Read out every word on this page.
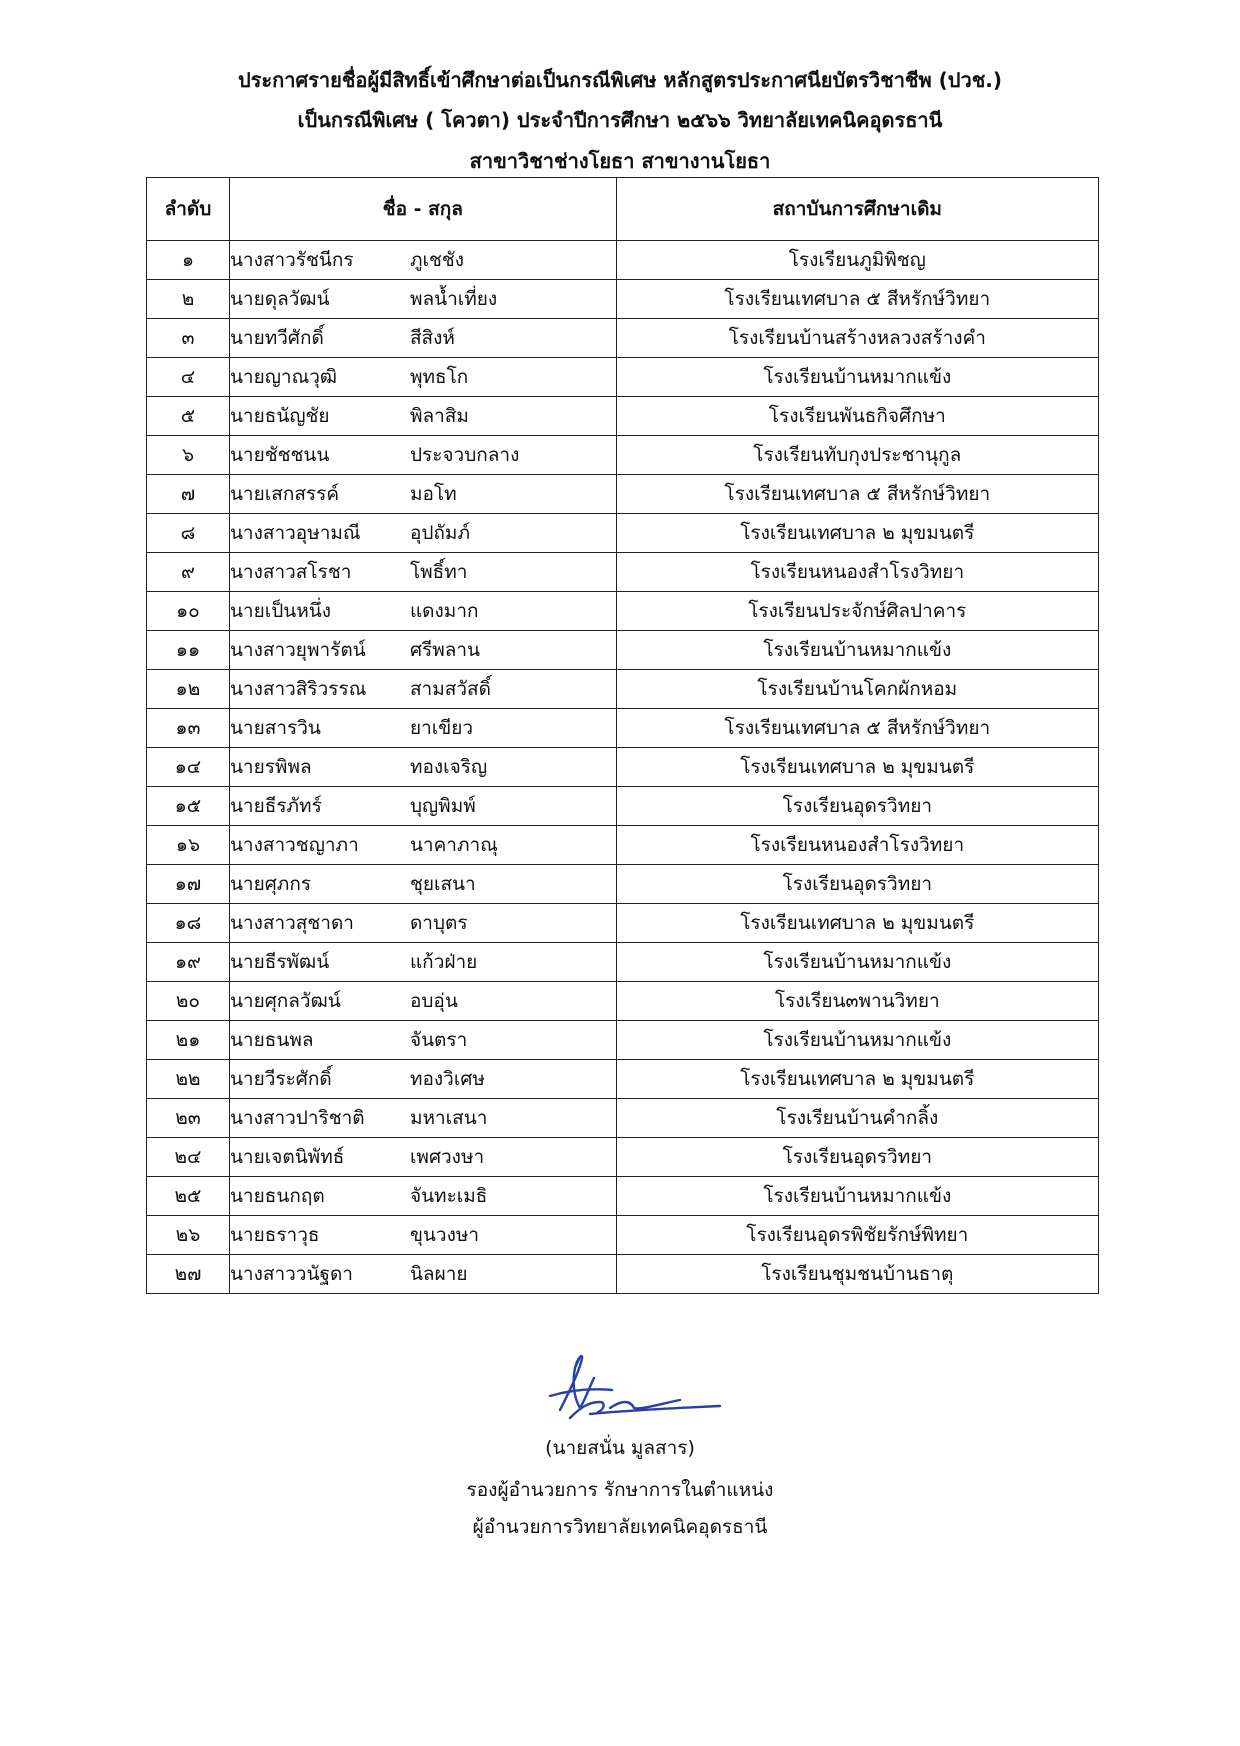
ประกาศรายชื่อผู้มีสิทธิ์เข้าศึกษาต่อเป็นกรณีพิเศษ หลักสูตรประกาศนียบัตรวิชาชีพ (ปวช.)
เป็นกรณีพิเศษ ( โควตา) ประจำปีการศึกษา ๒๕๖๖ วิทยาลัยเทคนิคอุดรธานี
สาขาวิชาช่างโยธา สาขางานโยธา
ลำดับ	ชื่อ - สกุล	สถาบันการศึกษาเดิม
๑	นางสาวรัชนีกร ภูเชชัง	โรงเรียนภูมิพิชญ
๒	นายดุลวัฒน์ พลน้ำเที่ยง	โรงเรียนเทศบาล ๕ สีหรักษ์วิทยา
๓	นายทวีศักดิ์ สีสิงห์	โรงเรียนบ้านสร้างหลวงสร้างคำ
๔	นายญาณวุฒิ พุทธโก	โรงเรียนบ้านหมากแข้ง
๕	นายธนัญชัย พิลาสิม	โรงเรียนพันธกิจศึกษา
๖	นายชัชชนน ประจวบกลาง	โรงเรียนทับกุงประชานุกูล
๗	นายเสกสรรค์ มอโท	โรงเรียนเทศบาล ๕ สีหรักษ์วิทยา
๘	นางสาวอุษามณี อุปถัมภ์	โรงเรียนเทศบาล ๒ มุขมนตรี
๙	นางสาวสโรชา โพธิ์ทา	โรงเรียนหนองสำโรงวิทยา
๑๐	นายเป็นหนึ่ง แดงมาก	โรงเรียนประจักษ์ศิลปาคาร
๑๑	นางสาวยุพารัตน์ ศรีพลาน	โรงเรียนบ้านหมากแข้ง
๑๒	นางสาวสิริวรรณ สามสวัสดิ์	โรงเรียนบ้านโคกผักหอม
๑๓	นายสารวิน ยาเขียว	โรงเรียนเทศบาล ๕ สีหรักษ์วิทยา
๑๔	นายรพิพล ทองเจริญ	โรงเรียนเทศบาล ๒ มุขมนตรี
๑๕	นายธีรภัทร์ บุญพิมพ์	โรงเรียนอุดรวิทยา
๑๖	นางสาวชญาภา นาคาภาณุ	โรงเรียนหนองสำโรงวิทยา
๑๗	นายศุภกร ชุยเสนา	โรงเรียนอุดรวิทยา
๑๘	นางสาวสุชาดา ดาบุตร	โรงเรียนเทศบาล ๒ มุขมนตรี
๑๙	นายธีรพัฒน์ แก้วฝ่าย	โรงเรียนบ้านหมากแข้ง
๒๐	นายศุกลวัฒน์ อบอุ่น	โรงเรียน๓พานวิทยา
๒๑	นายธนพล จันตรา	โรงเรียนบ้านหมากแข้ง
๒๒	นายวีระศักดิ์ ทองวิเศษ	โรงเรียนเทศบาล ๒ มุขมนตรี
๒๓	นางสาวปาริชาติ มหาเสนา	โรงเรียนบ้านคำกลิ้ง
๒๔	นายเจตนิพัทธ์ เพศวงษา	โรงเรียนอุดรวิทยา
๒๕	นายธนกฤต จันทะเมธิ	โรงเรียนบ้านหมากแข้ง
๒๖	นายธราวุธ ขุนวงษา	โรงเรียนอุดรพิชัยรักษ์พิทยา
๒๗	นางสาววนัฐดา นิลผาย	โรงเรียนชุมชนบ้านธาตุ
(นายสนั่น มูลสาร)
รองผู้อำนวยการ รักษาการในตำแหน่ง
ผู้อำนวยการวิทยาลัยเทคนิคอุดรธานี
